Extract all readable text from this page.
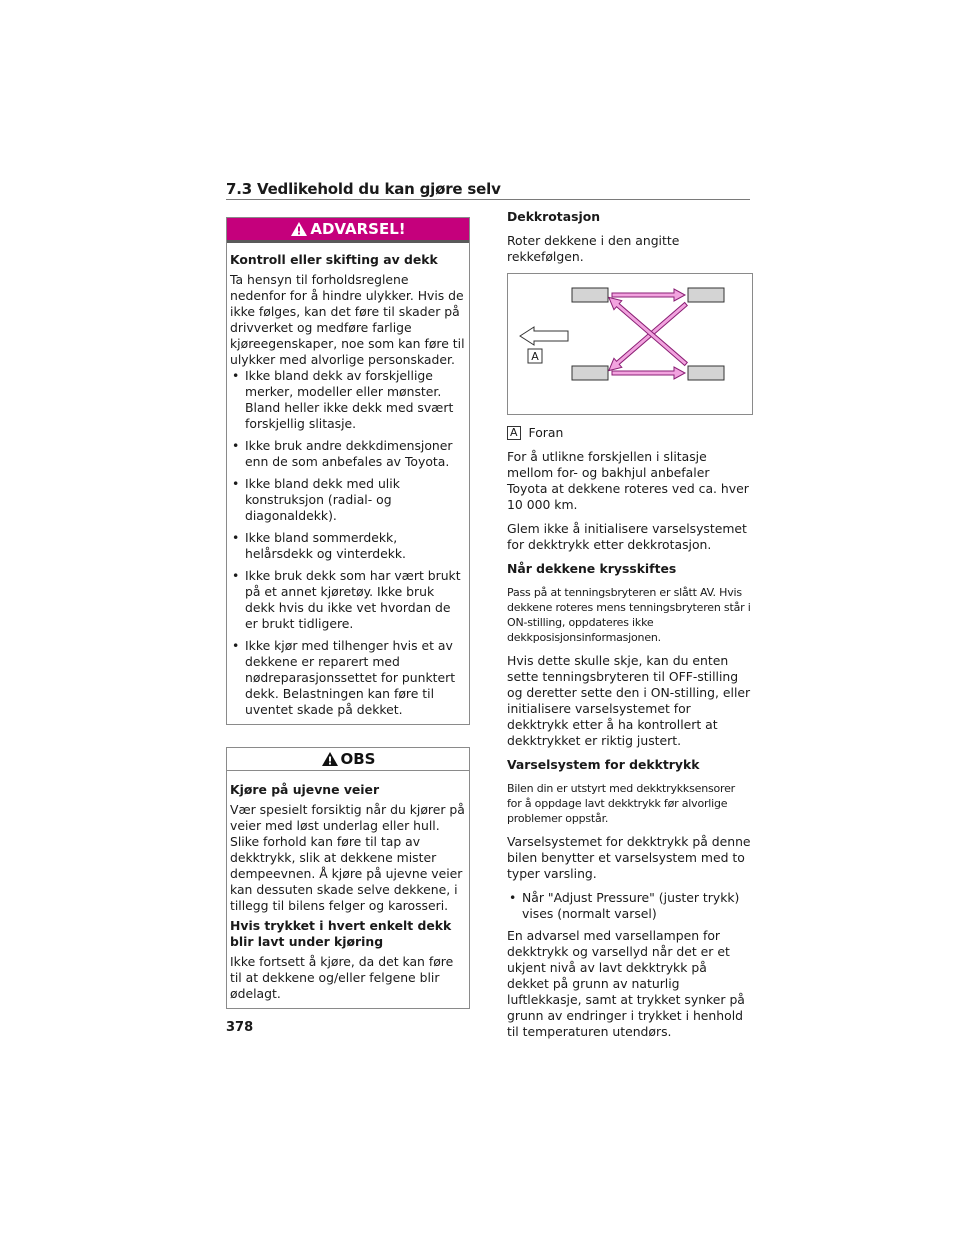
7.3 Vedlikehold du kan gjøre selv
ADVARSEL!
Kontroll eller skifting av dekk

Ta hensyn til forholdsreglene nedenfor for å hindre ulykker. Hvis de ikke følges, kan det føre til skader på drivverket og medføre farlige kjøreegenskaper, noe som kan føre til ulykker med alvorlige personskader.

• Ikke bland dekk av forskjellige merker, modeller eller mønster. Bland heller ikke dekk med svært forskjellig slitasje.
• Ikke bruk andre dekkdimensjoner enn de som anbefales av Toyota.
• Ikke bland dekk med ulik konstruksjon (radial- og diagonaldekk).
• Ikke bland sommerdekk, helårsdekk og vinterdekk.
• Ikke bruk dekk som har vært brukt på et annet kjøretøy. Ikke bruk dekk hvis du ikke vet hvordan de er brukt tidligere.
• Ikke kjør med tilhenger hvis et av dekkene er reparert med nødreparasjonssettet for punktert dekk. Belastningen kan føre til uventet skade på dekket.
OBS
Kjøre på ujevne veier

Vær spesielt forsiktig når du kjører på veier med løst underlag eller hull. Slike forhold kan føre til tap av dekktrykk, slik at dekkene mister dempeevnen. Å kjøre på ujevne veier kan dessuten skade selve dekkene, i tillegg til bilens felger og karosseri.

Hvis trykket i hvert enkelt dekk blir lavt under kjøring

Ikke fortsett å kjøre, da det kan føre til at dekkene og/eller felgene blir ødelagt.

Dekkrotasjon

Roter dekkene i den angitte rekkefølgen.

A

A Foran

For å utlikne forskjellen i slitasje mellom for- og bakhjul anbefaler Toyota at dekkene roteres ved ca. hver 10 000 km.

Glem ikke å initialisere varselsystemet for dekktrykk etter dekkrotasjon.

Når dekkene krysskiftes

Pass på at tenningsbryteren er slått AV. Hvis dekkene roteres mens tenningsbryteren står i ON-stilling, oppdateres ikke dekkposisjonsinformasjonen.

Hvis dette skulle skje, kan du enten sette tenningsbryteren til OFF-stilling og deretter sette den i ON-stilling, eller initialisere varselsystemet for dekktrykk etter å ha kontrollert at dekktrykket er riktig justert.

Varselsystem for dekktrykk

Bilen din er utstyrt med dekktrykksensorer for å oppdage lavt dekktrykk før alvorlige problemer oppstår.

Varselsystemet for dekktrykk på denne bilen benytter et varselsystem med to typer varsling.

• Når "Adjust Pressure" (juster trykk) vises (normalt varsel)

En advarsel med varsellampen for dekktrykk og varsellyd når det er et ukjent nivå av lavt dekktrykk på dekket på grunn av naturlig luftlekkasje, samt at trykket synker på grunn av endringer i trykket i henhold til temperaturen utendørs.

378
